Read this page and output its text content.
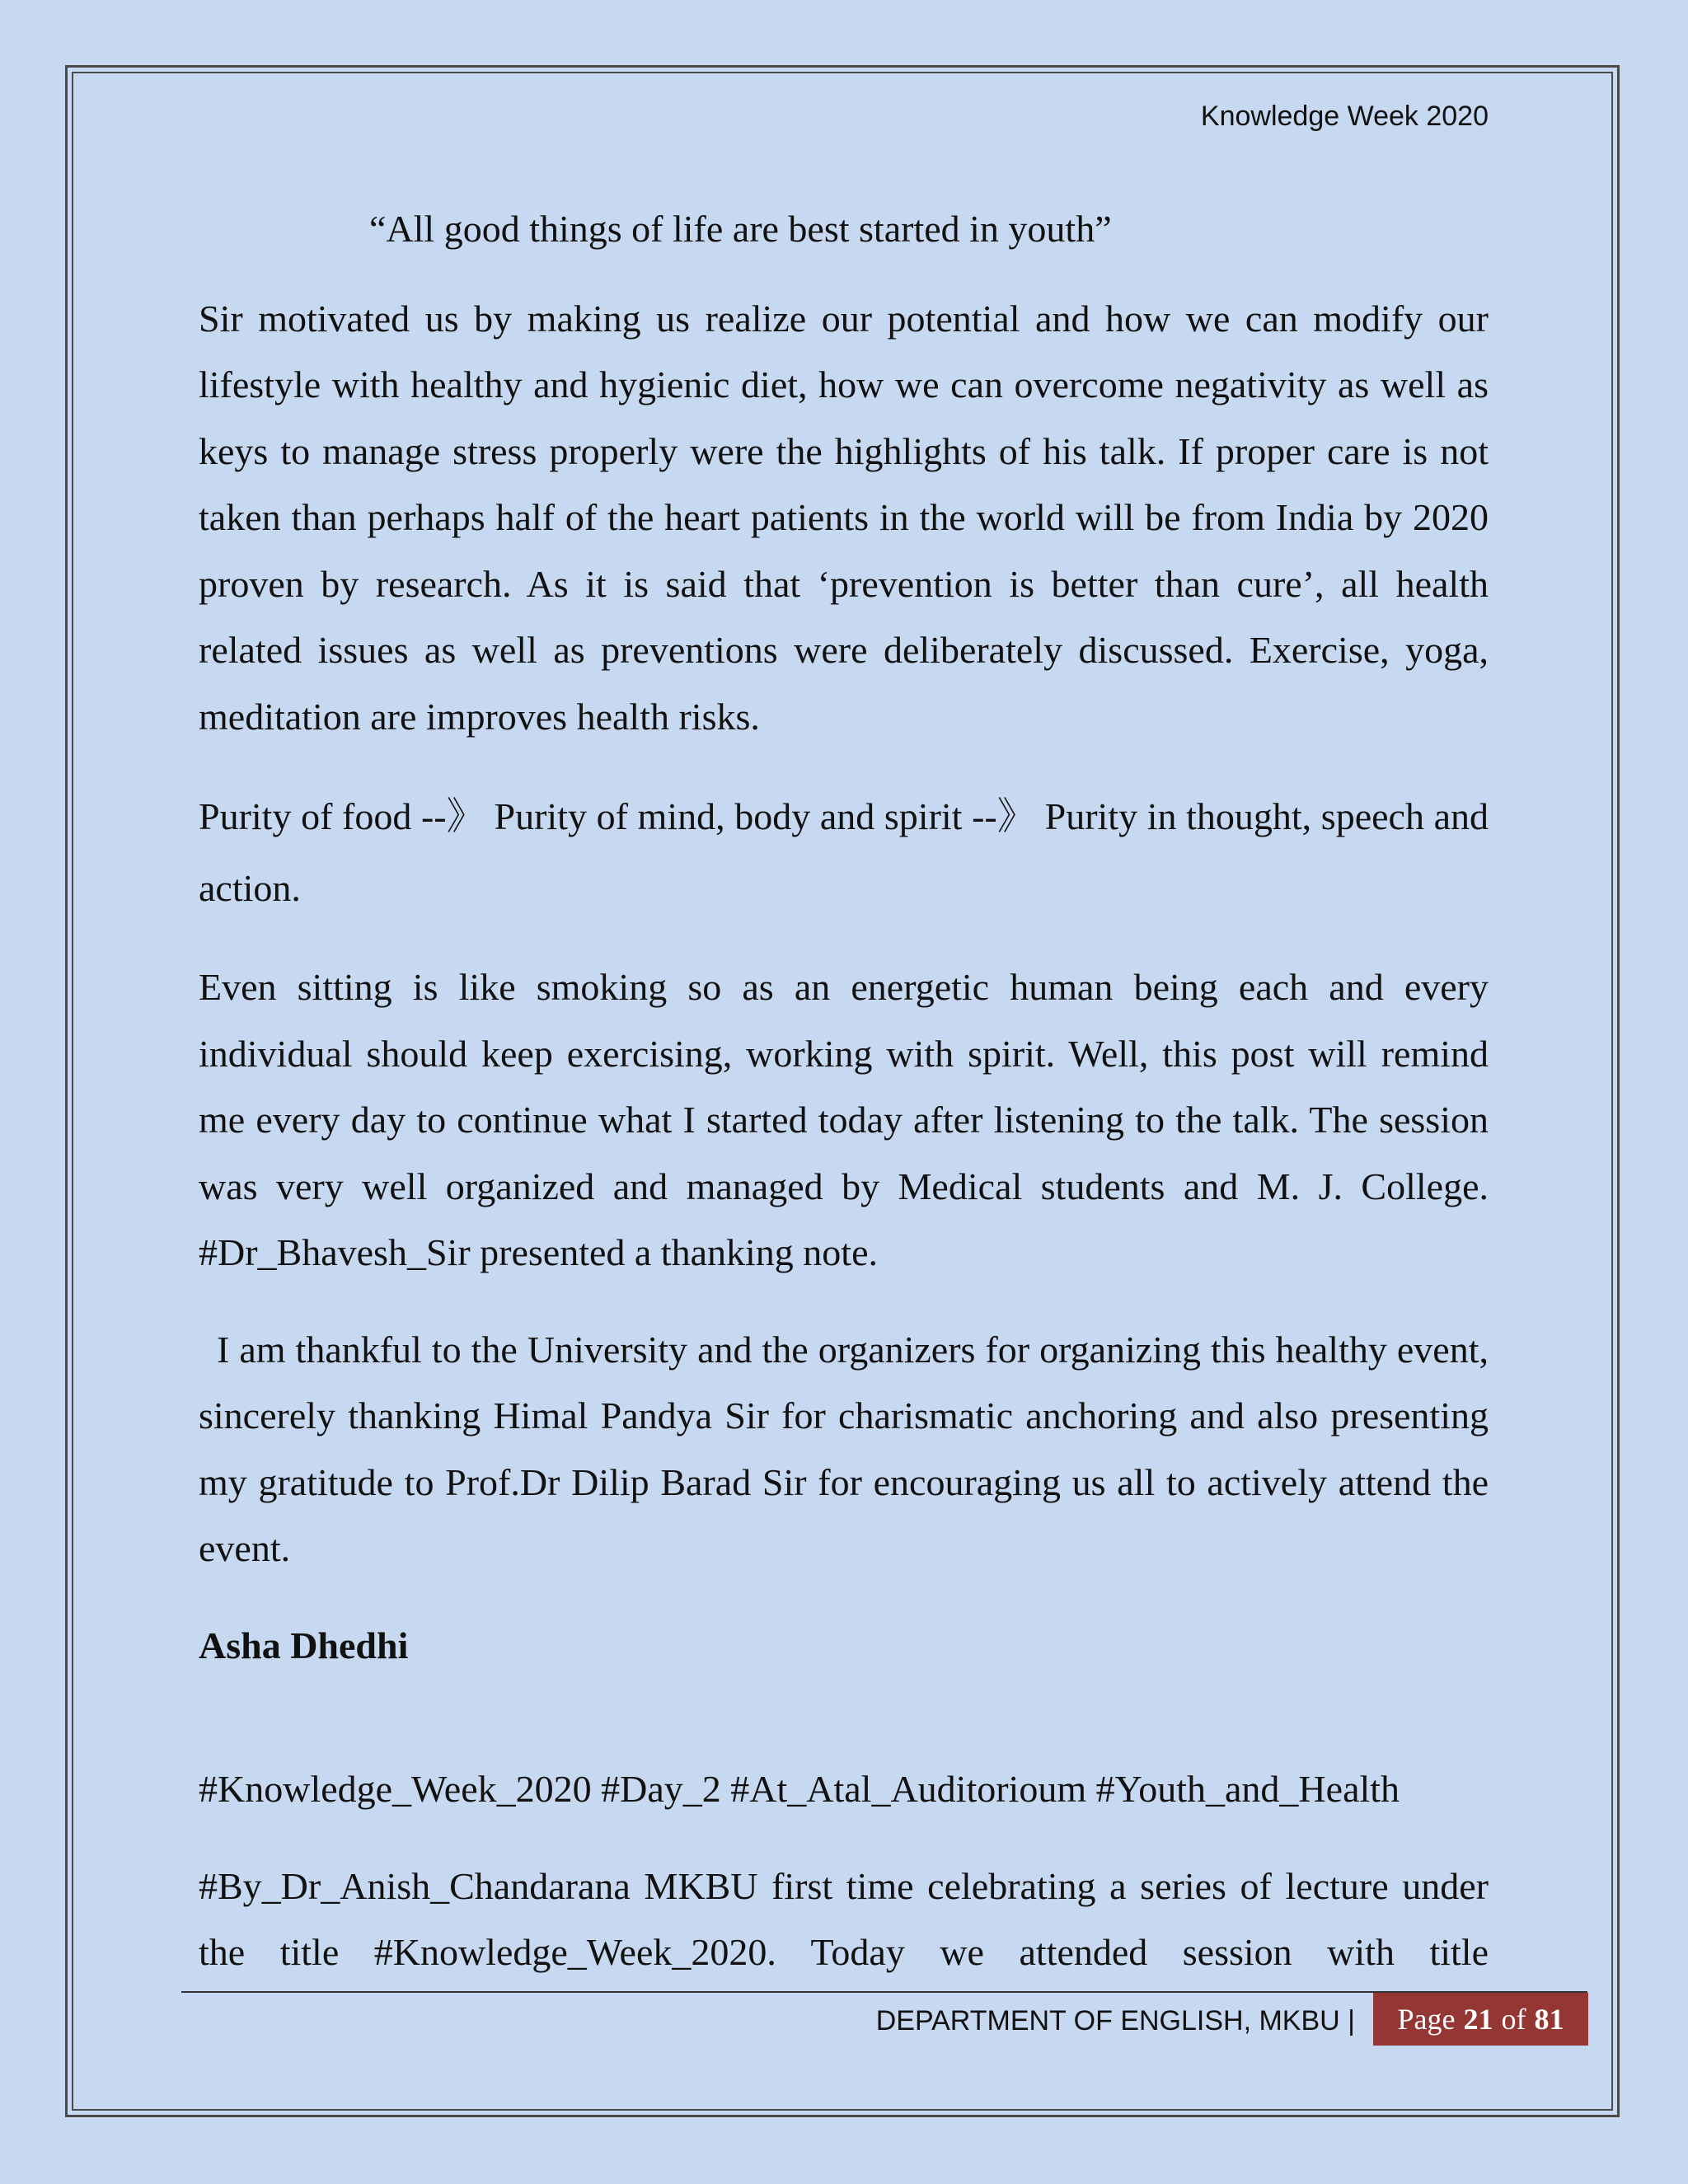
Knowledge Week 2020

“All good things of life are best started in youth”

Sir motivated us by making us realize our potential and how we can modify our lifestyle with healthy and hygienic diet, how we can overcome negativity as well as keys to manage stress properly were the highlights of his talk. If proper care is not taken than perhaps half of the heart patients in the world will be from India by 2020 proven by research. As it is said that ‘prevention is better than cure’, all health related issues as well as preventions were deliberately discussed. Exercise, yoga, meditation are improves health risks.

Purity of food --》 Purity of mind, body and spirit --》 Purity in thought, speech and action.

Even sitting is like smoking so as an energetic human being each and every individual should keep exercising, working with spirit. Well, this post will remind me every day to continue what I started today after listening to the talk. The session was very well organized and managed by Medical students and M. J. College. #Dr_Bhavesh_Sir presented a thanking note.

I am thankful to the University and the organizers for organizing this healthy event, sincerely thanking Himal Pandya Sir for charismatic anchoring and also presenting my gratitude to Prof.Dr Dilip Barad Sir for encouraging us all to actively attend the event.

Asha Dhedhi

#Knowledge_Week_2020 #Day_2 #At_Atal_Auditorioum #Youth_and_Health

#By_Dr_Anish_Chandarana MKBU first time celebrating a series of lecture under the title #Knowledge_Week_2020. Today we attended session with title

DEPARTMENT OF ENGLISH, MKBU | Page 21 of 81
